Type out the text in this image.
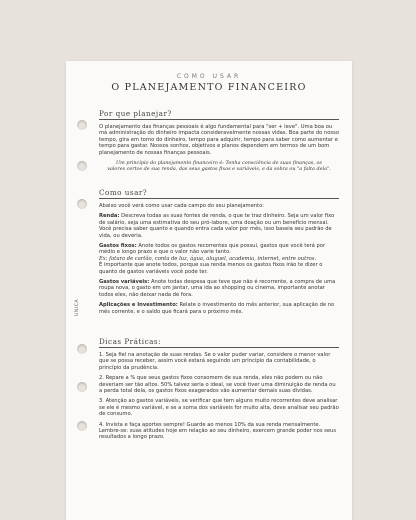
UNICA
COMO USAR
O PLANEJAMENTO FINANCEIRO
Por que planejar?

O planejamento das finanças pessoais é algo fundamental para "ser + leve". Uma boa ou má administração do dinheiro impacta consideravelmente nossas vidas. Boa parte do nosso tempo, gira em torno do dinheiro, tempo para adquirir, tempo para saber como aumentar e tempo para gastar. Nossos sonhos, objetivos e planos dependem em termos de um bom planejamento de nossas finanças pessoais.

Um princípio do planejamento financeiro é: Tenha consciência de suas finanças, os valores certos de sua renda, das seus gastos fixos e variáveis, e da sobra ou "a falta dela".
Como usar?

Abaixo você verá como usar cada campo do seu planejamento:

Renda: Descreva todas as suas fontes de renda, o que te traz dinheiro. Seja um valor fixo de salário, seja uma estimativa do seu pró-labore, uma doação ou um benefício mensal. Você precisa saber quanto e quando entra cada valor por mês, isso baseia seu padrão de vida, ou deveria.

Gastos fixos: Anote todos os gastos recorrentes que possui, gastos que você terá por médio e longo prazo e que o valor não varie tanto.
Ex: fatura de cartão, conta de luz, água, aluguel, academia, internet, entre outros.
É importante que anote todos, porque sua renda menos os gastos fixos irão te dizer o quanto de gastos variáveis você pode ter.

Gastos variáveis: Anote todas despesa que teve que não é recorrente, a compra de uma roupa nova, o gasto em um jantar, uma ida ao shopping ou cinema, importante anotar todos eles, não deixar nada de fora.

Aplicações e Investimento: Relate o investimento do mês anterior, sua aplicação de no mês corrente, e o saldo que ficará para o próximo mês.

Dicas Práticas:

1. Seja fiel na anotação de suas rendas. Se o valor puder variar, considere o menor valor que se possa receber, assim você estará seguindo um princípio da contabilidade, o princípio da prudência.

2. Repare a % que seus gastos fixos consomem de sua renda, eles não podem ou não deveriam ser tão altos. 50% talvez seria o ideal, se você tiver uma diminuição de renda ou a perda total dela, os gastos fixos exagerados vão aumentar demais suas dívidas.

3. Atenção ao gastos variáveis, se verificar que tem alguns muito recorrentes deve analisar se ele é mesmo variável, e se a soma dos variáveis for muito alta, deve analisar seu padrão de consumo.

4. Invista e faça aportes sempre! Guarde ao menos 10% da sua renda mensalmente. Lembre-se: suas atitudes hoje em relação ao seu dinheiro, exercem grande poder nos seus resultados a longo prazo.
